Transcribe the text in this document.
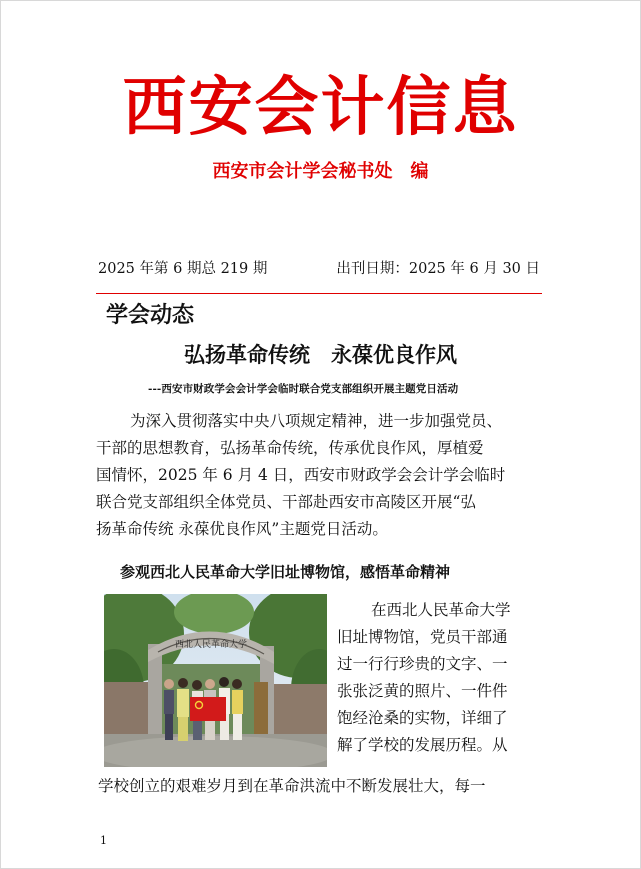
西安会计信息
西安市会计学会秘书处　编
2025 年第 6 期总 219 期	出刊日期：2025 年 6 月 30 日
学会动态
弘扬革命传统　永葆优良作风
---西安市财政学会会计学会临时联合党支部组织开展主题党日活动
为深入贯彻落实中央八项规定精神，进一步加强党员、
干部的思想教育，弘扬革命传统，传承优良作风，厚植爱
国情怀，2025 年 6 月 4 日，西安市财政学会会计学会临时
联合党支部组织全体党员、干部赴西安市高陵区开展“弘
扬革命传统 永葆优良作风”主题党日活动。
参观西北人民革命大学旧址博物馆，感悟革命精神
西北人民革命大学
在西北人民革命大学
旧址博物馆，党员干部通
过一行行珍贵的文字、一
张张泛黄的照片、一件件
饱经沧桑的实物，详细了
解了学校的发展历程。从
学校创立的艰难岁月到在革命洪流中不断发展壮大，每一
1
